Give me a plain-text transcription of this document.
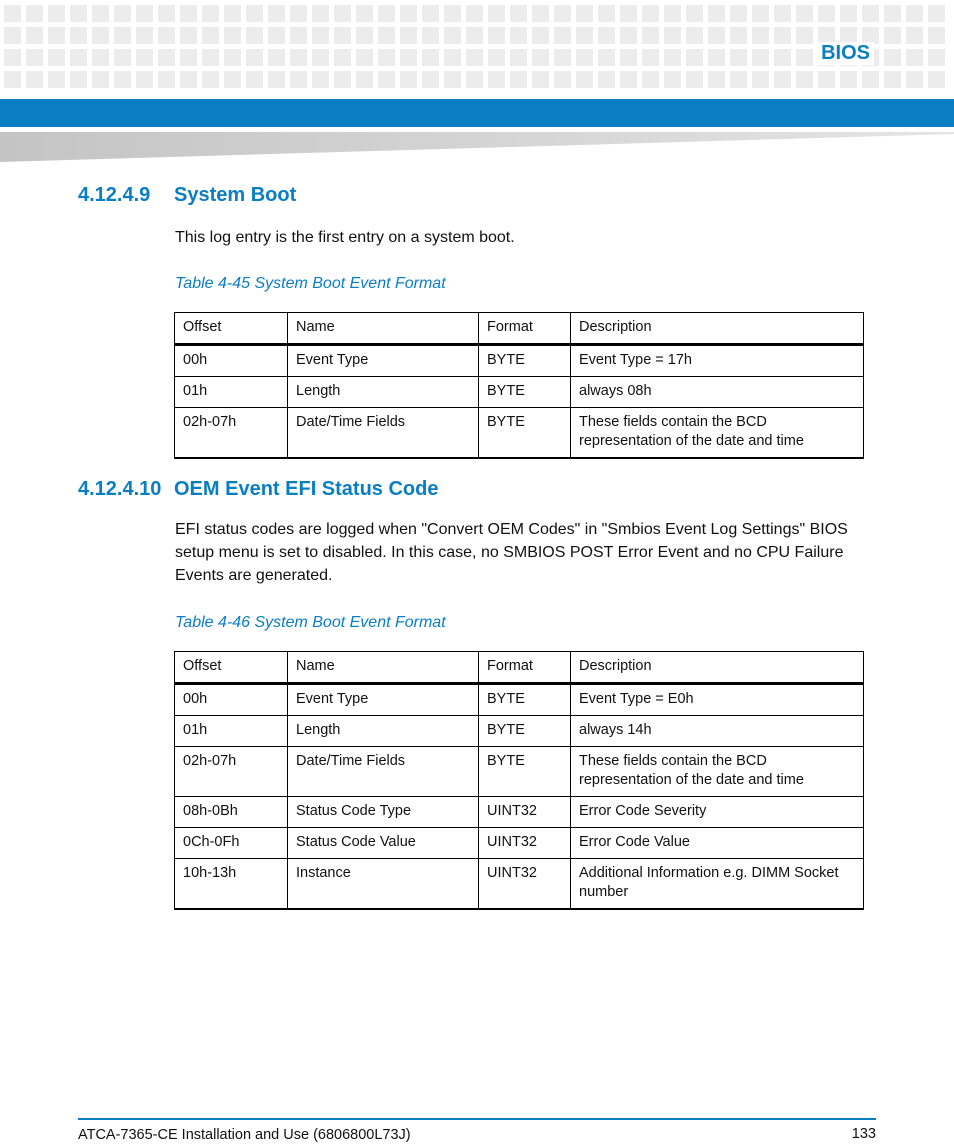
BIOS
4.12.4.9 System Boot

This log entry is the first entry on a system boot.

Table 4-45 System Boot Event Format

Offset	Name	Format	Description
00h	Event Type	BYTE	Event Type = 17h
01h	Length	BYTE	always 08h
02h-07h	Date/Time Fields	BYTE	These fields contain the BCD representation of the date and time
4.12.4.10 OEM Event EFI Status Code

EFI status codes are logged when "Convert OEM Codes" in "Smbios Event Log Settings" BIOS setup menu is set to disabled. In this case, no SMBIOS POST Error Event and no CPU Failure Events are generated.

Table 4-46 System Boot Event Format

Offset	Name	Format	Description
00h	Event Type	BYTE	Event Type = E0h
01h	Length	BYTE	always 14h
02h-07h	Date/Time Fields	BYTE	These fields contain the BCD representation of the date and time
08h-0Bh	Status Code Type	UINT32	Error Code Severity
0Ch-0Fh	Status Code Value	UINT32	Error Code Value
10h-13h	Instance	UINT32	Additional Information e.g. DIMM Socket number
ATCA-7365-CE Installation and Use (6806800L73J)	133
